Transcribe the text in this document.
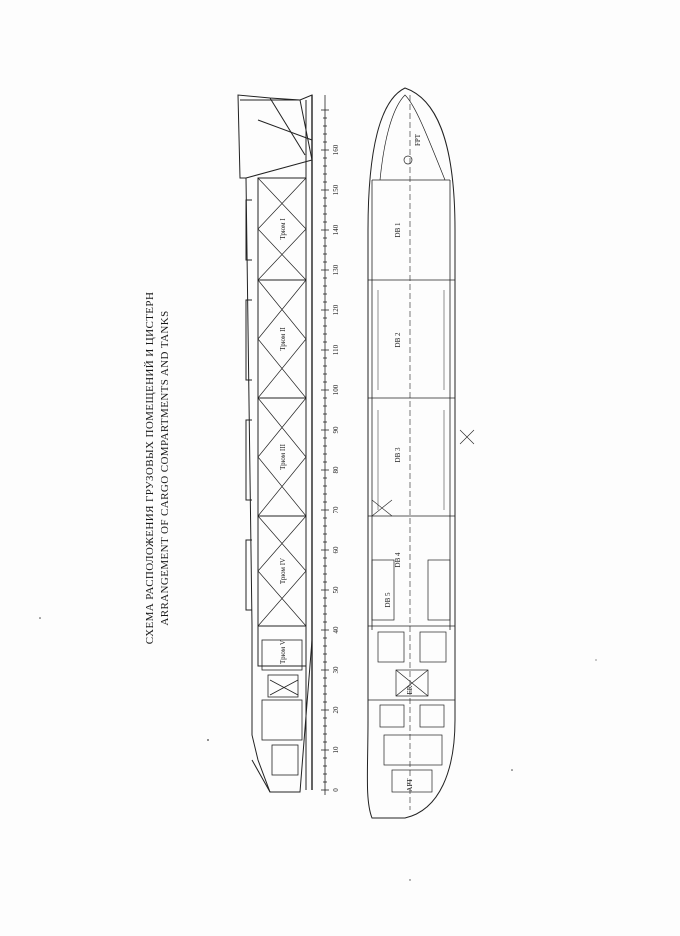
СХЕМА РАСПОЛОЖЕНИЯ ГРУЗОВЫХ ПОМЕЩЕНИЙ И ЦИСТЕРН ARRANGEMENT OF CARGO COMPARTMENTS AND TANKS
Трюм I
Трюм II
Трюм III
Трюм IV
Трюм V
FPT
DB 1
DB 2
DB 3
DB 4
DB 5
ER
APT
0
10
20
30
40
50
60
70
80
90
100
110
120
130
140
150
160
